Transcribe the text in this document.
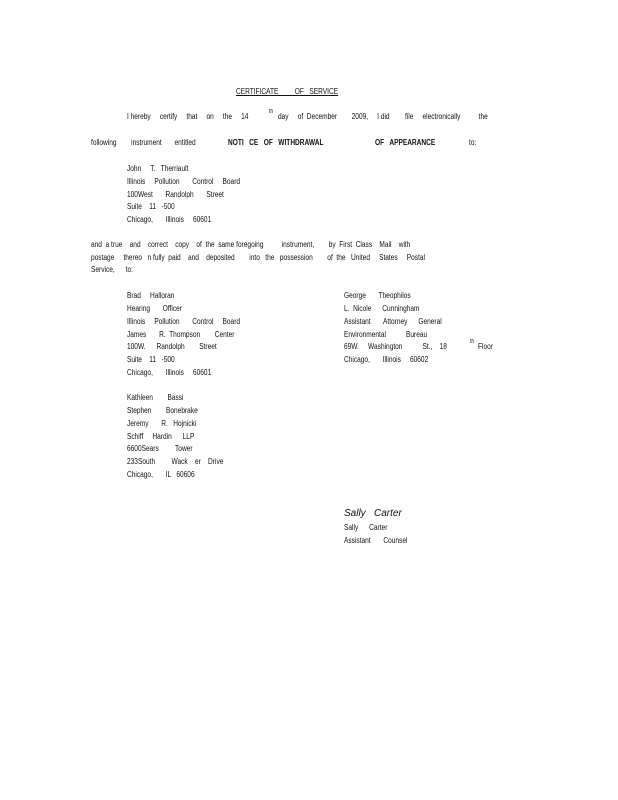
CERTIFICATE         OF   SERVICE
I hereby     certify     that     on     the     14	th day     of  December        2009,     I did file     electronically          the
following        instrument       entitled	NOTI   CE   OF   WITHDRAWAL	OF   APPEARANCE	to:
John     T.   Therriault
Illinois     Pollution       Control     Board
100West       Randolph       Street
Suite    11   -500
Chicago,       Illinois     60601
and  a true    and    correct    copy    of  the  same foregoing          instrument,        by  First  Class    Mail    with
postage     thereo   n fully  paid    and    deposited        into   the   possession        of  the   United     States     Postal
Service,      to:
Brad     Halloran
Hearing       Officer
Illinois     Pollution       Control     Board
James       R.  Thompson        Center
100W.      Randolph        Street
Suite    11   -500
Chicago,       Illinois     60601
George       Theophilos
L.  Nicole      Cunningham
Assistant       Attorney      General
Environmental           Bureau
69W.     Washington           St.,    18	th Floor
Chicago,       Illinois     60602
Kathleen        Bassi
Stephen        Bonebrake
Jeremy       R.   Hojnicki
Schiff     Hardin      LLP
6600Sears         Tower
233South         Wack    er    Drive
Chicago,       IL   60606
Sally   Carter
Sally      Carter
Assistant       Counsel
